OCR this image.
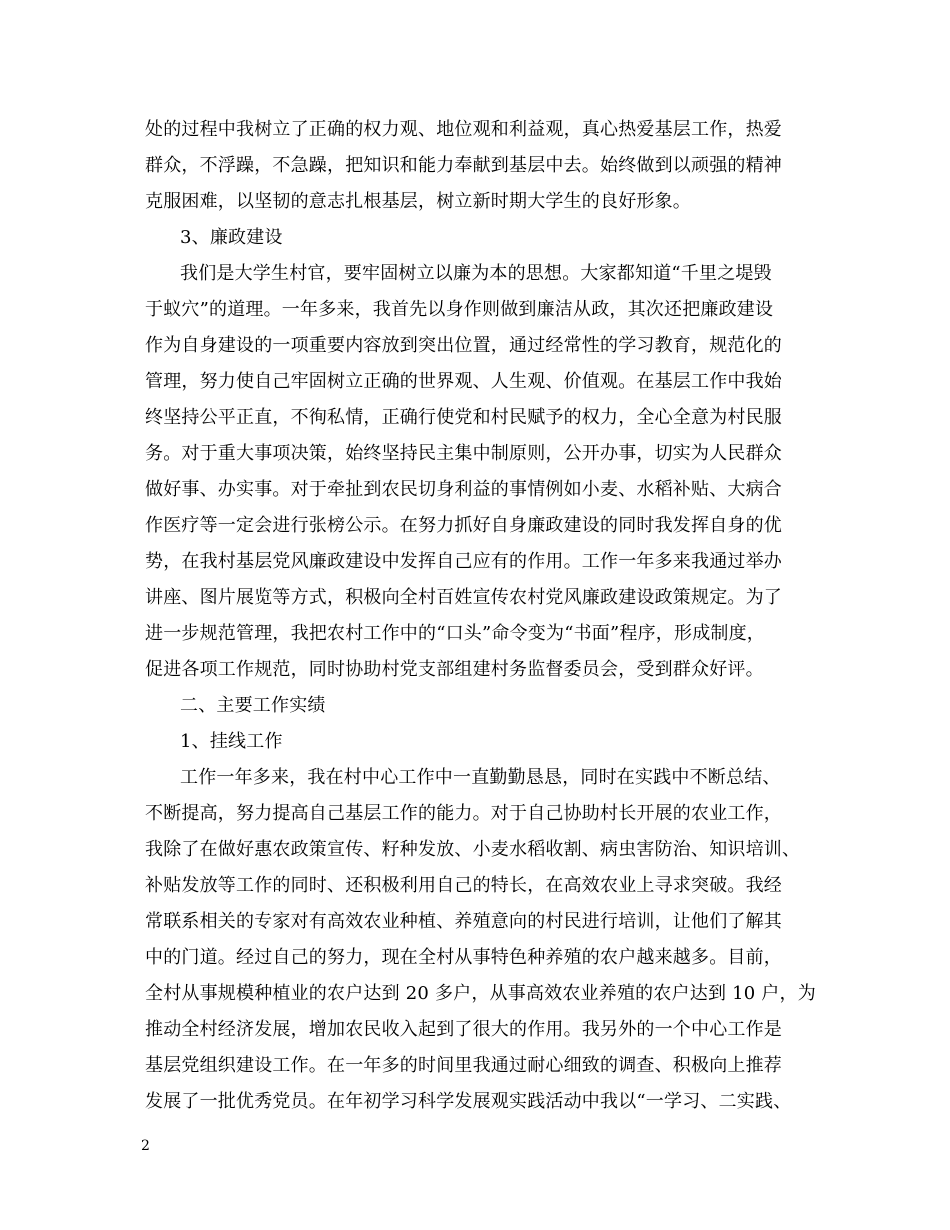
处的过程中我树立了正确的权力观、地位观和利益观，真心热爱基层工作，热爱
群众，不浮躁，不急躁，把知识和能力奉献到基层中去。始终做到以顽强的精神
克服困难，以坚韧的意志扎根基层，树立新时期大学生的良好形象。
3、廉政建设
我们是大学生村官，要牢固树立以廉为本的思想。大家都知道“千里之堤毁
于蚁穴”的道理。一年多来，我首先以身作则做到廉洁从政，其次还把廉政建设
作为自身建设的一项重要内容放到突出位置，通过经常性的学习教育，规范化的
管理，努力使自己牢固树立正确的世界观、人生观、价值观。在基层工作中我始
终坚持公平正直，不徇私情，正确行使党和村民赋予的权力，全心全意为村民服
务。对于重大事项决策，始终坚持民主集中制原则，公开办事，切实为人民群众
做好事、办实事。对于牵扯到农民切身利益的事情例如小麦、水稻补贴、大病合
作医疗等一定会进行张榜公示。在努力抓好自身廉政建设的同时我发挥自身的优
势，在我村基层党风廉政建设中发挥自己应有的作用。工作一年多来我通过举办
讲座、图片展览等方式，积极向全村百姓宣传农村党风廉政建设政策规定。为了
进一步规范管理，我把农村工作中的“口头”命令变为“书面”程序，形成制度，
促进各项工作规范，同时协助村党支部组建村务监督委员会，受到群众好评。
二、主要工作实绩
1、挂线工作
工作一年多来，我在村中心工作中一直勤勤恳恳，同时在实践中不断总结、
不断提高，努力提高自己基层工作的能力。对于自己协助村长开展的农业工作，
我除了在做好惠农政策宣传、籽种发放、小麦水稻收割、病虫害防治、知识培训、
补贴发放等工作的同时、还积极利用自己的特长，在高效农业上寻求突破。我经
常联系相关的专家对有高效农业种植、养殖意向的村民进行培训，让他们了解其
中的门道。经过自己的努力，现在全村从事特色种养殖的农户越来越多。目前，
全村从事规模种植业的农户达到 20 多户，从事高效农业养殖的农户达到 10 户，为
推动全村经济发展，增加农民收入起到了很大的作用。我另外的一个中心工作是
基层党组织建设工作。在一年多的时间里我通过耐心细致的调查、积极向上推荐
发展了一批优秀党员。在年初学习科学发展观实践活动中我以“一学习、二实践、
2
